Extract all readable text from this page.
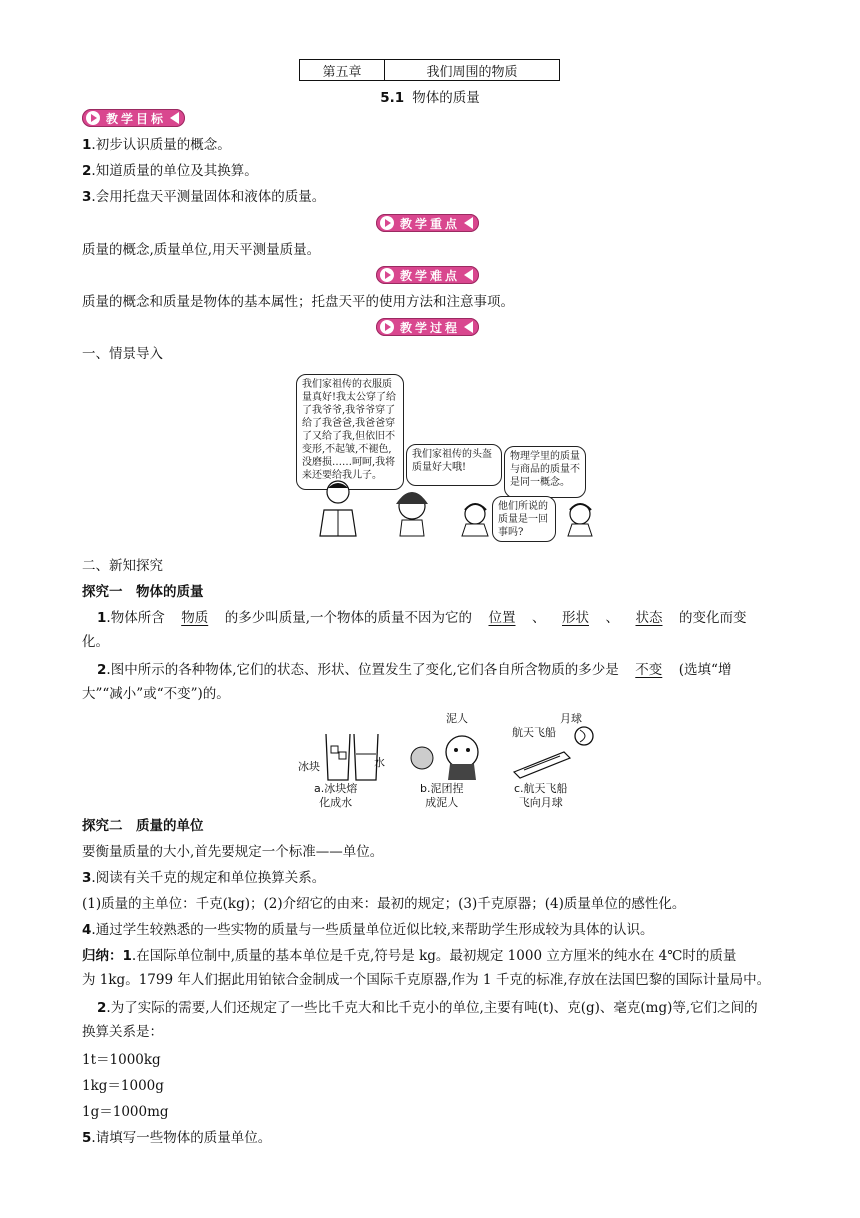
第五章	我们周围的物质
5.1 物体的质量
教学目标
1.初步认识质量的概念。
2.知道质量的单位及其换算。
3.会用托盘天平测量固体和液体的质量。
教学重点
质量的概念,质量单位,用天平测量质量。
教学难点
质量的概念和质量是物体的基本属性；托盘天平的使用方法和注意事项。
教学过程
一、情景导入
我们家祖传的衣服质量真好!我太公穿了给了我爷爷,我爷爷穿了给了我爸爸,我爸爸穿了又给了我,但依旧不变形,不起皱,不褪色,没磨损……呵呵,我将来还要给我儿子。
我们家祖传的头盔质量好大哦!
物理学里的质量与商品的质量不是同一概念。
他们所说的质量是一回事吗?
二、新知探究
探究一　物体的质量
1.物体所含 物质 的多少叫质量,一个物体的质量不因为它的 位置 、 形状 、 状态 的变化而变
化。
2.图中所示的各种物体,它们的状态、形状、位置发生了变化,它们各自所含物质的多少是 不变 (选填“增
大”“减小”或“不变”)的。
冰块	水
泥人
航天飞船
月球
a.冰块熔
化成水
b.泥团捏
成泥人
c.航天飞船
飞向月球
探究二　质量的单位
要衡量质量的大小,首先要规定一个标准——单位。
3.阅读有关千克的规定和单位换算关系。
(1)质量的主单位：千克(kg)；(2)介绍它的由来：最初的规定；(3)千克原器；(4)质量单位的感性化。
4.通过学生较熟悉的一些实物的质量与一些质量单位近似比较,来帮助学生形成较为具体的认识。
归纳：1.在国际单位制中,质量的基本单位是千克,符号是 kg。最初规定 1000 立方厘米的纯水在 4℃时的质量
为 1kg。1799 年人们据此用铂铱合金制成一个国际千克原器,作为 1 千克的标准,存放在法国巴黎的国际计量局中。
2.为了实际的需要,人们还规定了一些比千克大和比千克小的单位,主要有吨(t)、克(g)、毫克(mg)等,它们之间的
换算关系是：
1t＝1000kg
1kg＝1000g
1g＝1000mg
5.请填写一些物体的质量单位。
